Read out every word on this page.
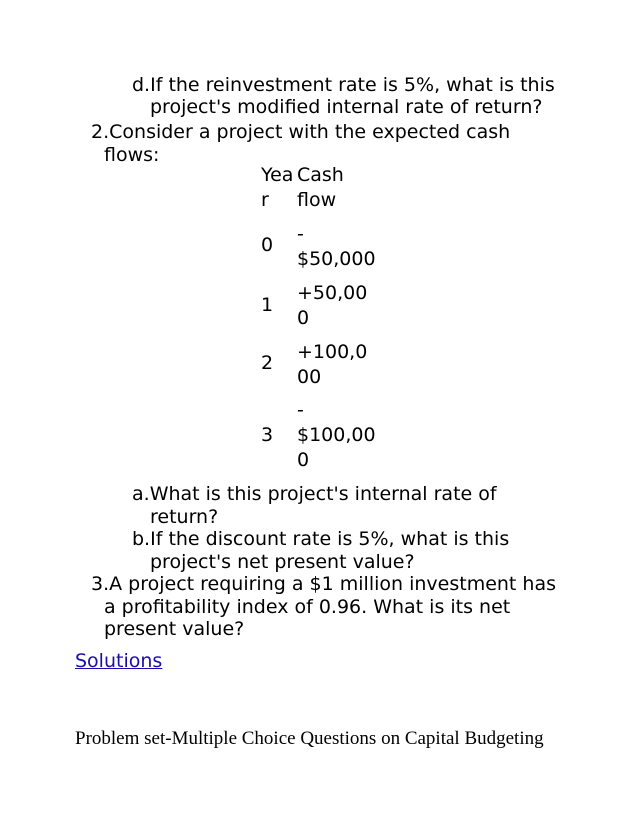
d.If the reinvestment rate is 5%, what is this
project's modified internal rate of return?
2.Consider a project with the expected cash
flows:
Yea
r
Cash
flow
0 -
$50,000
1
+50,00
0
2 +100,0
00
3
-
$100,00
0
a.What is this project's internal rate of
return?
b.If the discount rate is 5%, what is this
project's net present value?
3.A project requiring a $1 million investment has
a profitability index of 0.96. What is its net
present value?
Solutions
Problem set-Multiple Choice Questions on Capital Budgeting
